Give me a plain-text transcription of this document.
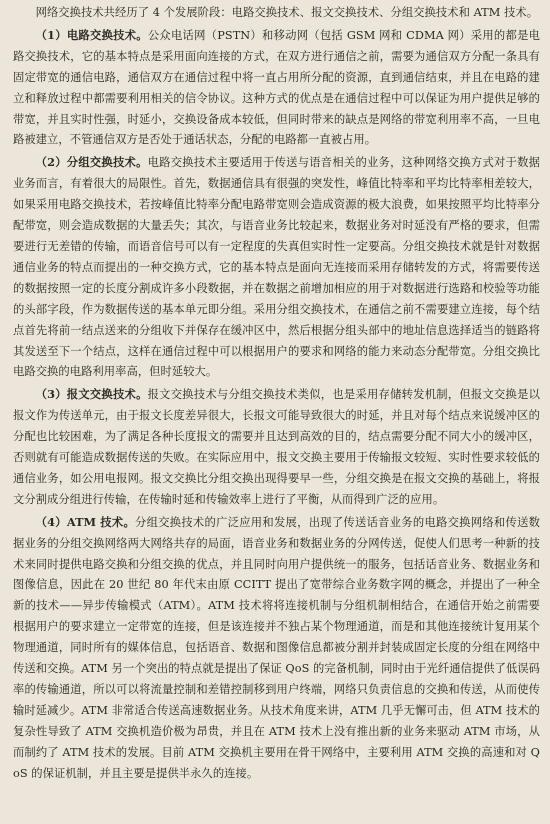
网络交换技术共经历了 4 个发展阶段：电路交换技术、报文交换技术、分组交换技术和 ATM 技术。

（1）电路交换技术。公众电话网（PSTN）和移动网（包括 GSM 网和 CDMA 网）采用的都是电路交换技术，它的基本特点是采用面向连接的方式，在双方进行通信之前，需要为通信双方分配一条具有固定带宽的通信电路，通信双方在通信过程中将一直占用所分配的资源，直到通信结束，并且在电路的建立和释放过程中都需要利用相关的信令协议。这种方式的优点是在通信过程中可以保证为用户提供足够的带宽，并且实时性强，时延小，交换设备成本较低，但同时带来的缺点是网络的带宽利用率不高，一旦电路被建立，不管通信双方是否处于通话状态，分配的电路都一直被占用。

（2）分组交换技术。电路交换技术主要适用于传送与语音相关的业务，这种网络交换方式对于数据业务而言，有着很大的局限性。首先，数据通信具有很强的突发性，峰值比特率和平均比特率相差较大，如果采用电路交换技术，若按峰值比特率分配电路带宽则会造成资源的极大浪费，如果按照平均比特率分配带宽，则会造成数据的大量丢失；其次，与语音业务比较起来，数据业务对时延没有严格的要求，但需要进行无差错的传输，而语音信号可以有一定程度的失真但实时性一定要高。分组交换技术就是针对数据通信业务的特点而提出的一种交换方式，它的基本特点是面向无连接而采用存储转发的方式，将需要传送的数据按照一定的长度分割成许多小段数据，并在数据之前增加相应的用于对数据进行选路和校验等功能的头部字段，作为数据传送的基本单元即分组。采用分组交换技术，在通信之前不需要建立连接，每个结点首先将前一结点送来的分组收下并保存在缓冲区中，然后根据分组头部中的地址信息选择适当的链路将其发送至下一个结点，这样在通信过程中可以根据用户的要求和网络的能力来动态分配带宽。分组交换比电路交换的电路利用率高，但时延较大。

（3）报文交换技术。报文交换技术与分组交换技术类似，也是采用存储转发机制，但报文交换是以报文作为传送单元，由于报文长度差异很大，长报文可能导致很大的时延，并且对每个结点来说缓冲区的分配也比较困难，为了满足各种长度报文的需要并且达到高效的目的，结点需要分配不同大小的缓冲区，否则就有可能造成数据传送的失败。在实际应用中，报文交换主要用于传输报文较短、实时性要求较低的通信业务，如公用电报网。报文交换比分组交换出现得要早一些，分组交换是在报文交换的基础上，将报文分割成分组进行传输，在传输时延和传输效率上进行了平衡，从而得到广泛的应用。

（4）ATM 技术。分组交换技术的广泛应用和发展，出现了传送话音业务的电路交换网络和传送数据业务的分组交换网络两大网络共存的局面，语音业务和数据业务的分网传送，促使人们思考一种新的技术来同时提供电路交换和分组交换的优点，并且同时向用户提供统一的服务，包括话音业务、数据业务和图像信息，因此在 20 世纪 80 年代末由原 CCITT 提出了宽带综合业务数字网的概念，并提出了一种全新的技术——异步传输模式（ATM）。ATM 技术将将连接机制与分组机制相结合，在通信开始之前需要根据用户的要求建立一定带宽的连接，但是该连接并不独占某个物理通道，而是和其他连接统计复用某个物理通道，同时所有的媒体信息，包括语音、数据和图像信息都被分割并封装成固定长度的分组在网络中传送和交换。ATM 另一个突出的特点就是提出了保证 QoS 的完备机制，同时由于光纤通信提供了低误码率的传输通道，所以可以将流量控制和差错控制移到用户终端，网络只负责信息的交换和传送，从而使传输时延减少。ATM 非常适合传送高速数据业务。从技术角度来讲，ATM 几乎无懈可击，但 ATM 技术的复杂性导致了 ATM 交换机造价极为昂贵，并且在 ATM 技术上没有推出新的业务来驱动 ATM 市场，从而制约了 ATM 技术的发展。目前 ATM 交换机主要用在骨干网络中，主要利用 ATM 交换的高速和对 QoS 的保证机制，并且主要是提供半永久的连接。
